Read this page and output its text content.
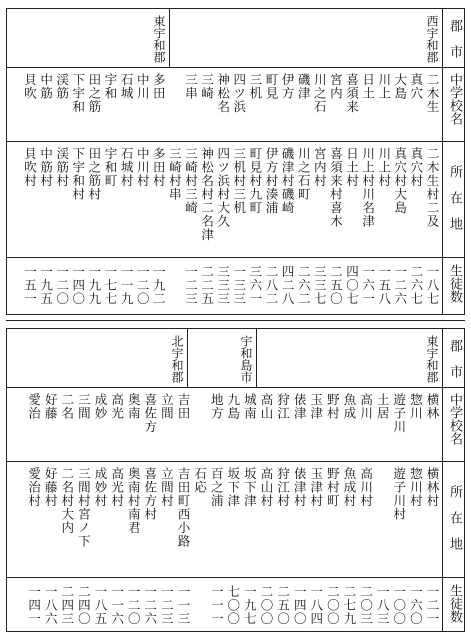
郡　市
中学校名
所　在　地
生徒数
西宇和郡
東宇和郡
二木生
二木生村二及
一八七
真穴
真穴村
二六七
大島
真穴村大島
一二六
川上
川上村
一五八
日土
川上村川名津
一六一
喜須来
日土村
四〇七
宮内
喜須来村喜木
二五〇
川之石
宮内村
三三七
磯津
川之石町
二六二
伊方
磯津村磯崎
四二八
町見
伊方村湊浦
二八二
三机
町見村九町
三六一
四ツ浜
三机村三机
一三三
神松名
四ツ浜村大久
三三三
三崎
神松名村二名津
二二五
三串
三崎村三崎
一二三
三崎村串
多田
多田村
一九二
中川
中川村
一二〇
石城
石城村
一一九
宇和
宇和町
一七七
田之筋
田之筋村
一九九
下宇和
下宇和村
一四〇
渓筋
渓筋村
一二〇
中筋
中筋村
一九五
貝吹
貝吹村
一五一
郡　市
中学校名
所　在　地
生徒数
東宇和郡
宇和島市
北宇和郡
横林
横林村
一二一
惣川
惣川村
一六〇
遊子川
遊子川村
一〇〇
土居
一八三
高川
高川村
二〇三
魚成
魚成村
二七九
野村
野村町
二〇〇
玉津
玉津村
一八四
俵津
俵津村
一四〇
狩江
狩江村
二五〇
高山
高山村
二〇〇
城南
坂下津
一九七
九島
坂下津
七〇〇
地方
百之浦
一一一
石応
吉田
吉田町西小路
一一三
立間
立間村
一二三
喜佐方
喜佐方村
一二六
奥南
奥南村南君
一二〇
高光
高光村
一一六
成妙
成妙村
一八五
三間
三間村宮ノ下
二四〇
二名
二名村大内
二四三
好藤
好藤村
一八六
愛治
愛治村
一四一
